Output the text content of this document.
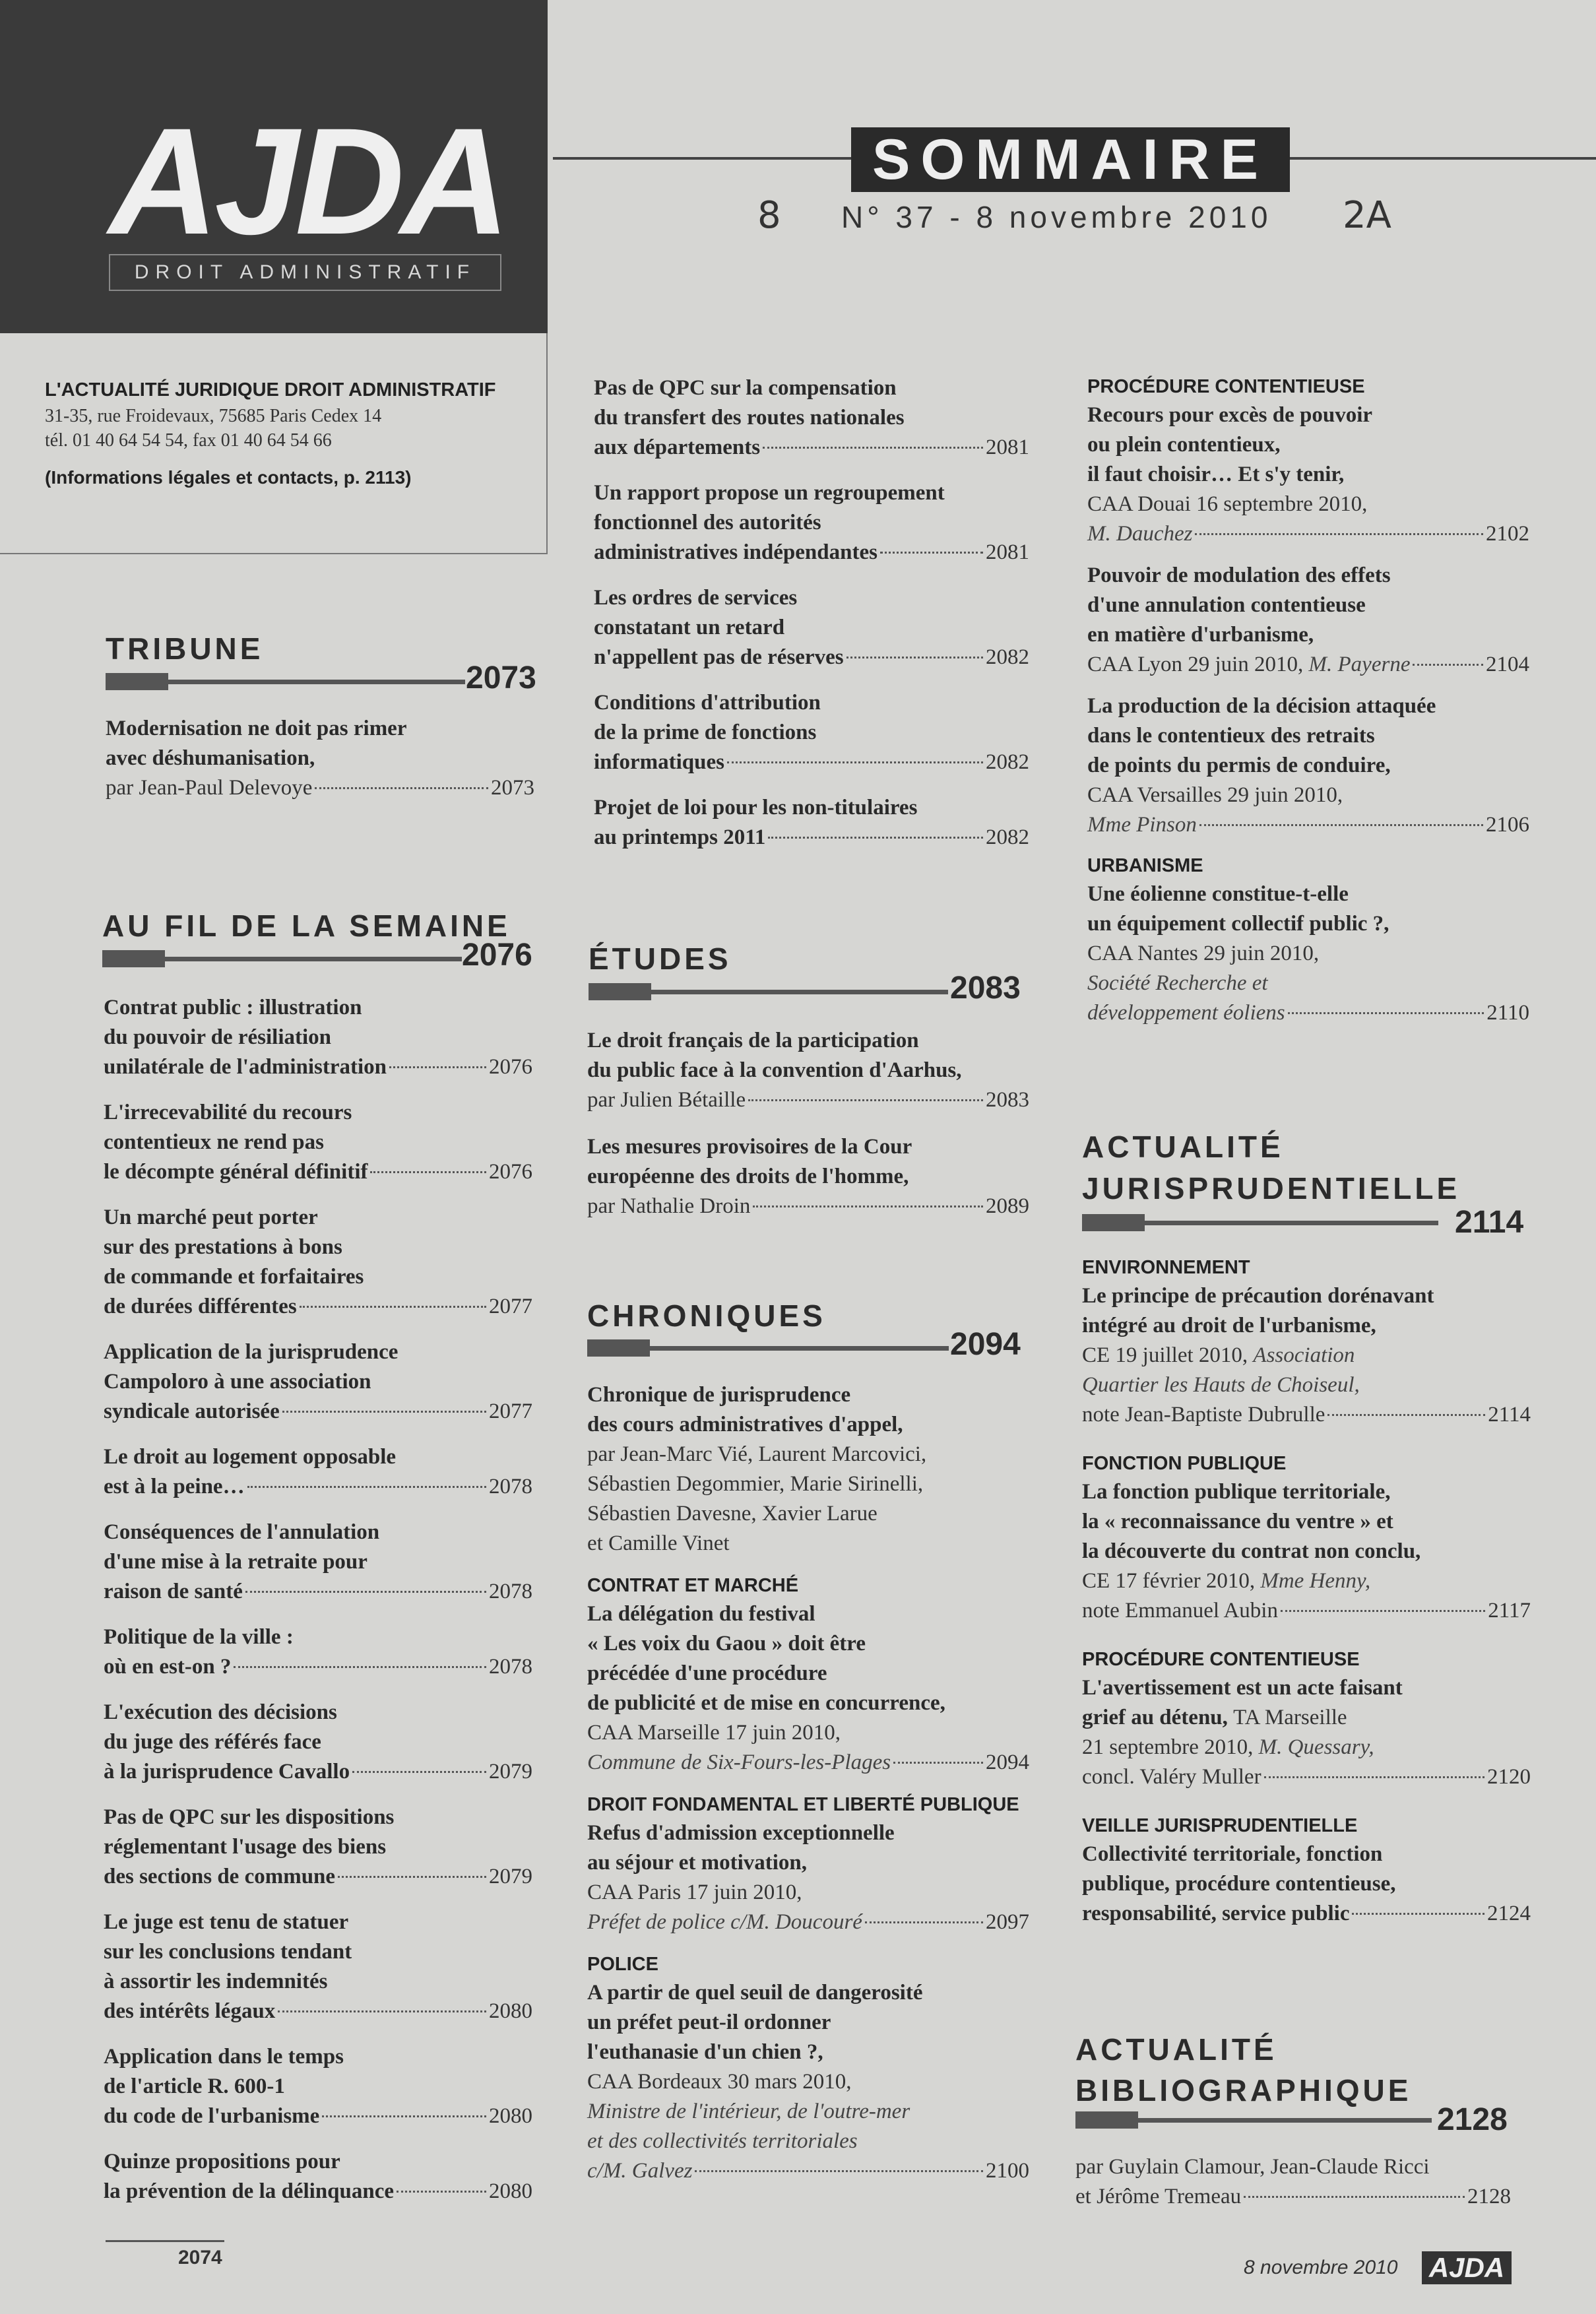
AJDA
DROIT ADMINISTRATIF
L'ACTUALITÉ JURIDIQUE DROIT ADMINISTRATIF
31-35, rue Froidevaux, 75685 Paris Cedex 14
tél. 01 40 64 54 54, fax 01 40 64 54 66
(Informations légales et contacts, p. 2113)
SOMMAIRE
N° 37 - 8 novembre 2010
8	2A
TRIBUNE
2073
Modernisation ne doit pas rimer
avec déshumanisation,
par Jean-Paul Delevoye	2073
AU FIL DE LA SEMAINE
2076
Contrat public : illustration
du pouvoir de résiliation
unilatérale de l'administration	2076
L'irrecevabilité du recours
contentieux ne rend pas
le décompte général définitif	2076
Un marché peut porter
sur des prestations à bons
de commande et forfaitaires
de durées différentes	2077
Application de la jurisprudence
Campoloro à une association
syndicale autorisée	2077
Le droit au logement opposable
est à la peine…	2078
Conséquences de l'annulation
d'une mise à la retraite pour
raison de santé	2078
Politique de la ville :
où en est-on ?	2078
L'exécution des décisions
du juge des référés face
à la jurisprudence Cavallo	2079
Pas de QPC sur les dispositions
réglementant l'usage des biens
des sections de commune	2079
Le juge est tenu de statuer
sur les conclusions tendant
à assortir les indemnités
des intérêts légaux	2080
Application dans le temps
de l'article R. 600-1
du code de l'urbanisme	2080
Quinze propositions pour
la prévention de la délinquance	2080
Pas de QPC sur la compensation
du transfert des routes nationales
aux départements	2081
Un rapport propose un regroupement
fonctionnel des autorités
administratives indépendantes	2081
Les ordres de services
constatant un retard
n'appellent pas de réserves	2082
Conditions d'attribution
de la prime de fonctions
informatiques	2082
Projet de loi pour les non-titulaires
au printemps 2011	2082
ÉTUDES
2083
Le droit français de la participation
du public face à la convention d'Aarhus,
par Julien Bétaille	2083
Les mesures provisoires de la Cour
européenne des droits de l'homme,
par Nathalie Droin	2089
CHRONIQUES
2094
Chronique de jurisprudence
des cours administratives d'appel,
par Jean-Marc Vié, Laurent Marcovici,
Sébastien Degommier, Marie Sirinelli,
Sébastien Davesne, Xavier Larue
et Camille Vinet
CONTRAT ET MARCHÉ
La délégation du festival
« Les voix du Gaou » doit être
précédée d'une procédure
de publicité et de mise en concurrence,
CAA Marseille 17 juin 2010,
Commune de Six-Fours-les-Plages	2094
DROIT FONDAMENTAL ET LIBERTÉ PUBLIQUE
Refus d'admission exceptionnelle
au séjour et motivation,
CAA Paris 17 juin 2010,
Préfet de police c/M. Doucouré	2097
POLICE
A partir de quel seuil de dangerosité
un préfet peut-il ordonner
l'euthanasie d'un chien ?,
CAA Bordeaux 30 mars 2010,
Ministre de l'intérieur, de l'outre-mer
et des collectivités territoriales
c/M. Galvez	2100
PROCÉDURE CONTENTIEUSE
Recours pour excès de pouvoir
ou plein contentieux,
il faut choisir… Et s'y tenir,
CAA Douai 16 septembre 2010,
M. Dauchez	2102
Pouvoir de modulation des effets
d'une annulation contentieuse
en matière d'urbanisme,
CAA Lyon 29 juin 2010, M. Payerne	2104
La production de la décision attaquée
dans le contentieux des retraits
de points du permis de conduire,
CAA Versailles 29 juin 2010,
Mme Pinson	2106
URBANISME
Une éolienne constitue-t-elle
un équipement collectif public ?,
CAA Nantes 29 juin 2010,
Société Recherche et
développement éoliens	2110
ACTUALITÉ
JURISPRUDENTIELLE
2114
ENVIRONNEMENT
Le principe de précaution dorénavant
intégré au droit de l'urbanisme,
CE 19 juillet 2010, Association
Quartier les Hauts de Choiseul,
note Jean-Baptiste Dubrulle	2114
FONCTION PUBLIQUE
La fonction publique territoriale,
la « reconnaissance du ventre » et
la découverte du contrat non conclu,
CE 17 février 2010, Mme Henny,
note Emmanuel Aubin	2117
PROCÉDURE CONTENTIEUSE
L'avertissement est un acte faisant
grief au détenu, TA Marseille
21 septembre 2010, M. Quessary,
concl. Valéry Muller	2120
VEILLE JURISPRUDENTIELLE
Collectivité territoriale, fonction
publique, procédure contentieuse,
responsabilité, service public	2124
ACTUALITÉ
BIBLIOGRAPHIQUE
2128
par Guylain Clamour, Jean-Claude Ricci
et Jérôme Tremeau	2128
2074	8 novembre 2010 AJDA
